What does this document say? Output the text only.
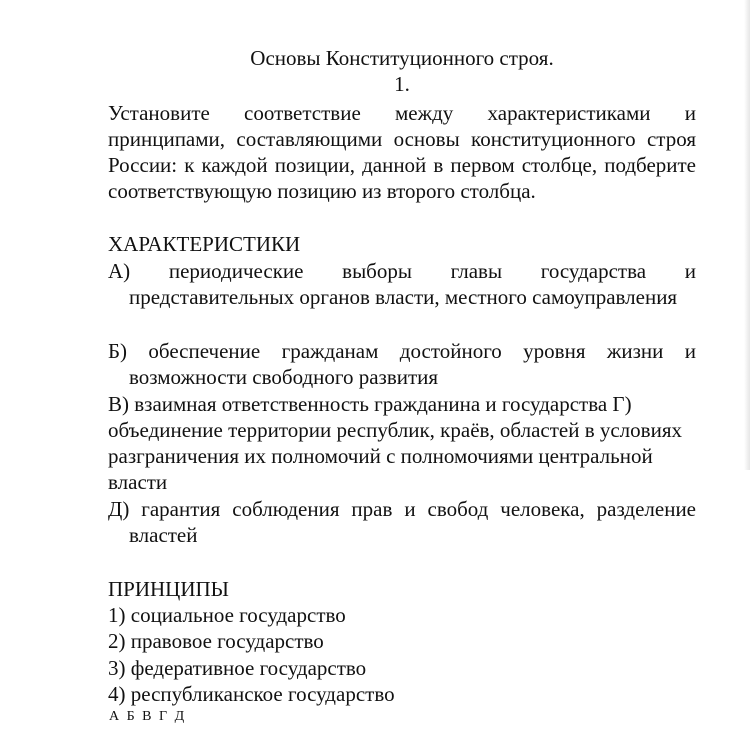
Основы Конституционного строя.
1.
Установите соответствие между характеристиками и принципами, составляющими основы конституционного строя России: к каждой позиции, данной в первом столбце, подберите соответствующую позицию из второго столбца.
ХАРАКТЕРИСТИКИ
А) периодические выборы главы государства и представительных органов власти, местного самоуправления
Б) обеспечение гражданам достойного уровня жизни и возможности свободного развития
В) взаимная ответственность гражданина и государства Г) объединение территории республик, краёв, областей в условиях разграничения их полномочий с полномочиями центральной власти
Д) гарантия соблюдения прав и свобод человека, разделение властей
ПРИНЦИПЫ
1) социальное государство
2) правовое государство
3) федеративное государство
4) республиканское государство
А Б В Г Д
